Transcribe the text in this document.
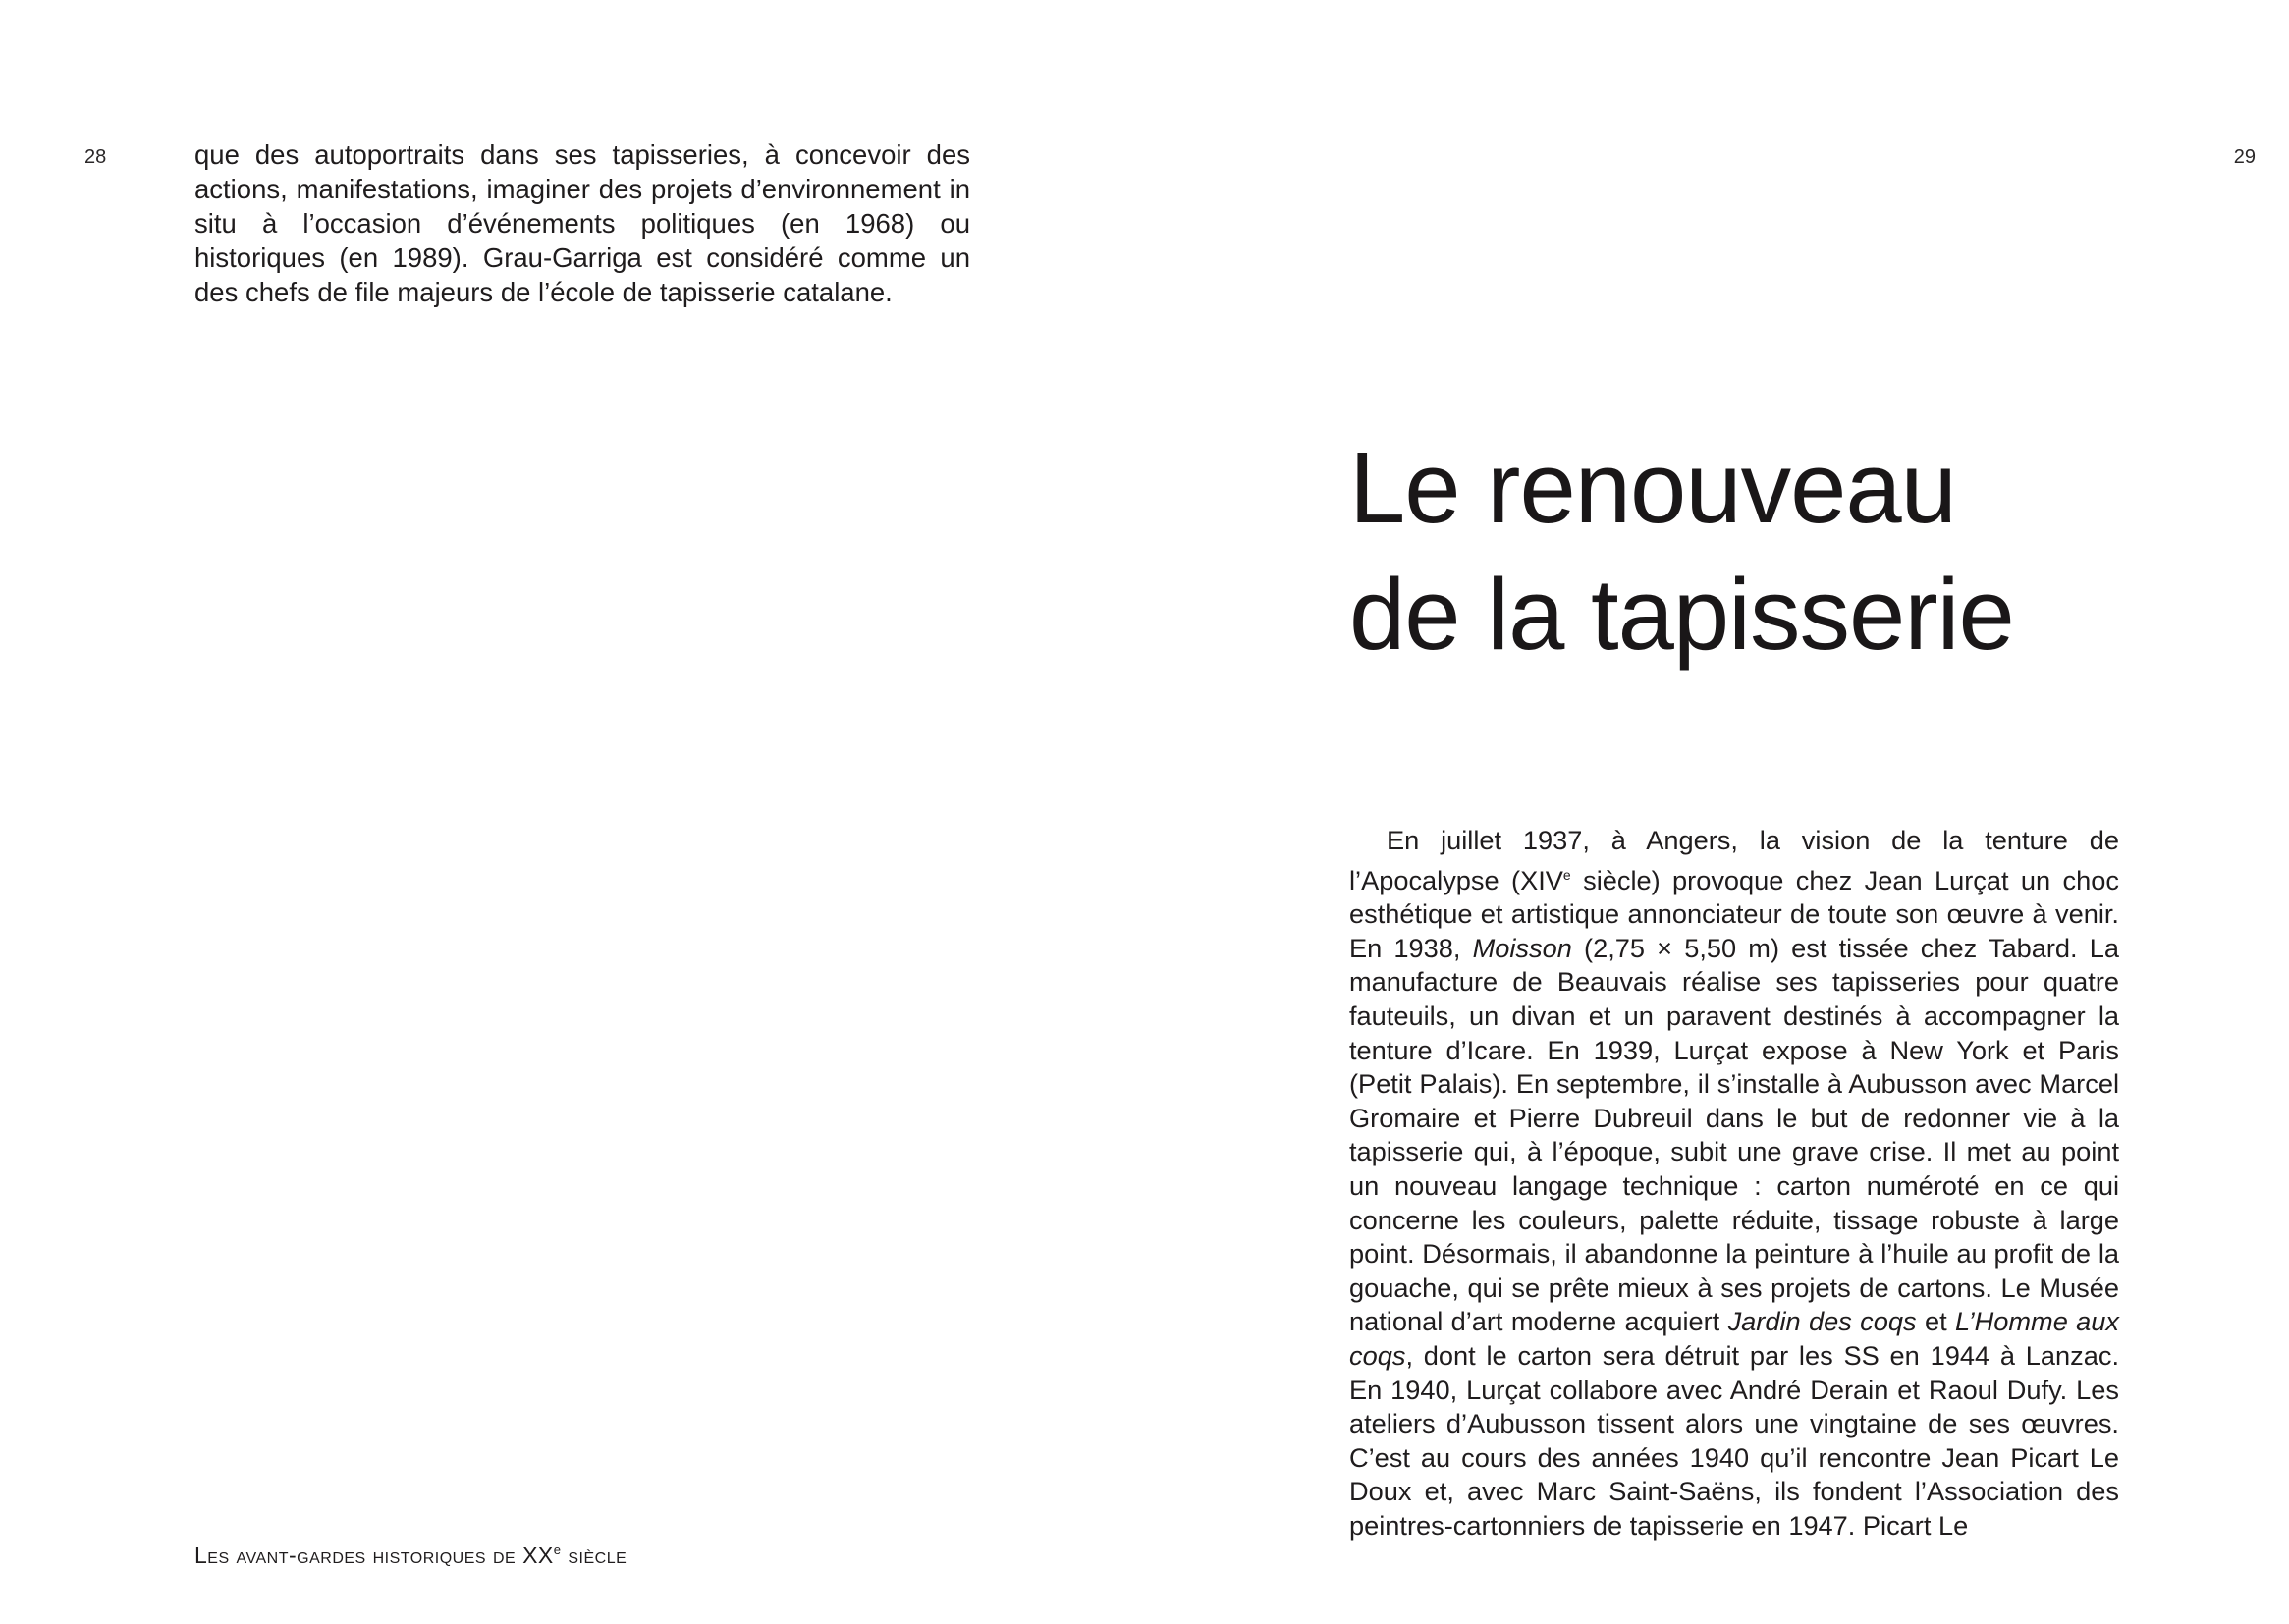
28	que des autoportraits dans ses tapisseries, à concevoir des actions, manifestations, imaginer des projets d’environnement in situ à l’occasion d’événements politiques (en 1968) ou historiques (en 1989). Grau-Garriga est considéré comme un des chefs de file majeurs de l’école de tapisserie catalane.

Les avant-gardes historiques de XXe siècle
29
Le renouveau
de la tapisserie

En juillet 1937, à Angers, la vision de la tenture de l’Apocalypse (XIVe siècle) provoque chez Jean Lurçat un choc esthétique et artistique annonciateur de toute son œuvre à venir. En 1938, Moisson (2,75 × 5,50 m) est tissée chez Tabard. La manufacture de Beauvais réalise ses tapisseries pour quatre fauteuils, un divan et un paravent destinés à accompagner la tenture d’Icare. En 1939, Lurçat expose à New York et Paris (Petit Palais). En septembre, il s’installe à Aubusson avec Marcel Gromaire et Pierre Dubreuil dans le but de redonner vie à la tapisserie qui, à l’époque, subit une grave crise. Il met au point un nouveau langage technique : carton numéroté en ce qui concerne les couleurs, palette réduite, tissage robuste à large point. Désormais, il abandonne la peinture à l’huile au profit de la gouache, qui se prête mieux à ses projets de cartons. Le Musée national d’art moderne acquiert Jardin des coqs et L’Homme aux coqs, dont le carton sera détruit par les SS en 1944 à Lanzac. En 1940, Lurçat collabore avec André Derain et Raoul Dufy. Les ateliers d’Aubusson tissent alors une vingtaine de ses œuvres. C’est au cours des années 1940 qu’il rencontre Jean Picart Le Doux et, avec Marc Saint-Saëns, ils fondent l’Association des peintres-cartonniers de tapisserie en 1947. Picart Le
